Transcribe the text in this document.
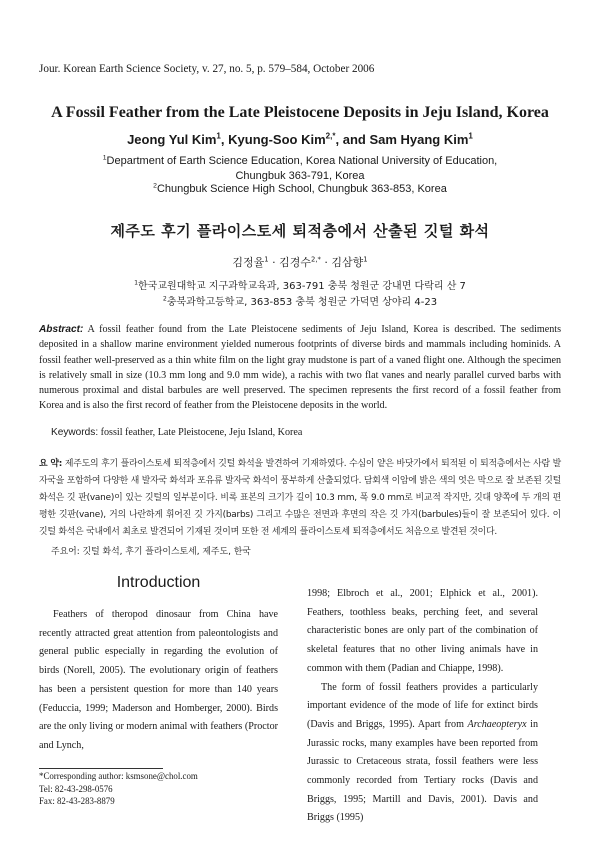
Jour. Korean Earth Science Society, v. 27, no. 5, p. 579–584, October 2006
A Fossil Feather from the Late Pleistocene Deposits in Jeju Island, Korea
Jeong Yul Kim$^1$, Kyung-Soo Kim$^{2,*}$, and Sam Hyang Kim$^1$
$^1$Department of Earth Science Education, Korea National University of Education,
Chungbuk 363-791, Korea
$^2$Chungbuk Science High School, Chungbuk 363-853, Korea
제주도 후기 플라이스토세 퇴적층에서 산출된 깃털 화석
김정율$^1$ · 김경수$^{2,*}$ · 김삼향$^1$
$^1$한국교원대학교 지구과학교육과, 363-791 충북 청원군 강내면 다락리 산 7
$^2$충북과학고등학교, 363-853 충북 청원군 가덕면 상야리 4-23
Abstract: A fossil feather found from the Late Pleistocene sediments of Jeju Island, Korea is described. The sediments deposited in a shallow marine environment yielded numerous footprints of diverse birds and mammals including hominids. A fossil feather well-preserved as a thin white film on the light gray mudstone is part of a vaned flight one. Although the specimen is relatively small in size (10.3 mm long and 9.0 mm wide), a rachis with two flat vanes and nearly parallel curved barbs with numerous proximal and distal barbules are well preserved. The specimen represents the first record of a fossil feather from Korea and is also the first record of feather from the Pleistocene deposits in the world.
Keywords: fossil feather, Late Pleistocene, Jeju Island, Korea
요 약: 제주도의 후기 플라이스토세 퇴적층에서 깃털 화석을 발견하여 기재하였다. 수심이 얕은 바닷가에서 퇴적된 이 퇴적층에서는 사람 발자국을 포함하여 다양한 새 발자국 화석과 포유류 발자국 화석이 풍부하게 산출되었다. 담회색 이암에 밝은 색의 엇은 막으로 잘 보존된 깃털 화석은 깃 판(vane)이 있는 깃털의 일부분이다. 비록 표본의 크기가 길이 10.3 mm, 폭 9.0 mm로 비교적 작지만, 깃대 양쪽에 두 개의 편평한 깃판(vane), 거의 나란하게 휘어진 깃 가지(barbs) 그리고 수많은 전면과 후면의 작은 깃 가지(barbules)들이 잘 보존되어 있다. 이 깃털 화석은 국내에서 최초로 발견되어 기재된 것이며 또한 전 세계의 플라이스토세 퇴적층에서도 처음으로 발견된 것이다.
주요어: 깃털 화석, 후기 플라이스토세, 제주도, 한국
Introduction

Feathers of theropod dinosaur from China have recently attracted great attention from paleontologists and general public especially in regarding the evolution of birds (Norell, 2005). The evolutionary origin of feathers has been a persistent question for more than 140 years (Feduccia, 1999; Maderson and Homberger, 2000). Birds are the only living or modern animal with feathers (Proctor and Lynch,

1998; Elbroch et al., 2001; Elphick et al., 2001). Feathers, toothless beaks, perching feet, and several characteristic bones are only part of the combination of skeletal features that no other living animals have in common with them (Padian and Chiappe, 1998).

The form of fossil feathers provides a particularly important evidence of the mode of life for extinct birds (Davis and Briggs, 1995). Apart from Archaeopteryx in Jurassic rocks, many examples have been reported from Jurassic to Cretaceous strata, fossil feathers were less commonly recorded from Tertiary rocks (Davis and Briggs, 1995; Martill and Davis, 2001). Davis and Briggs (1995)

*Corresponding author: ksmsone@chol.com
Tel: 82-43-298-0576
Fax: 82-43-283-8879
